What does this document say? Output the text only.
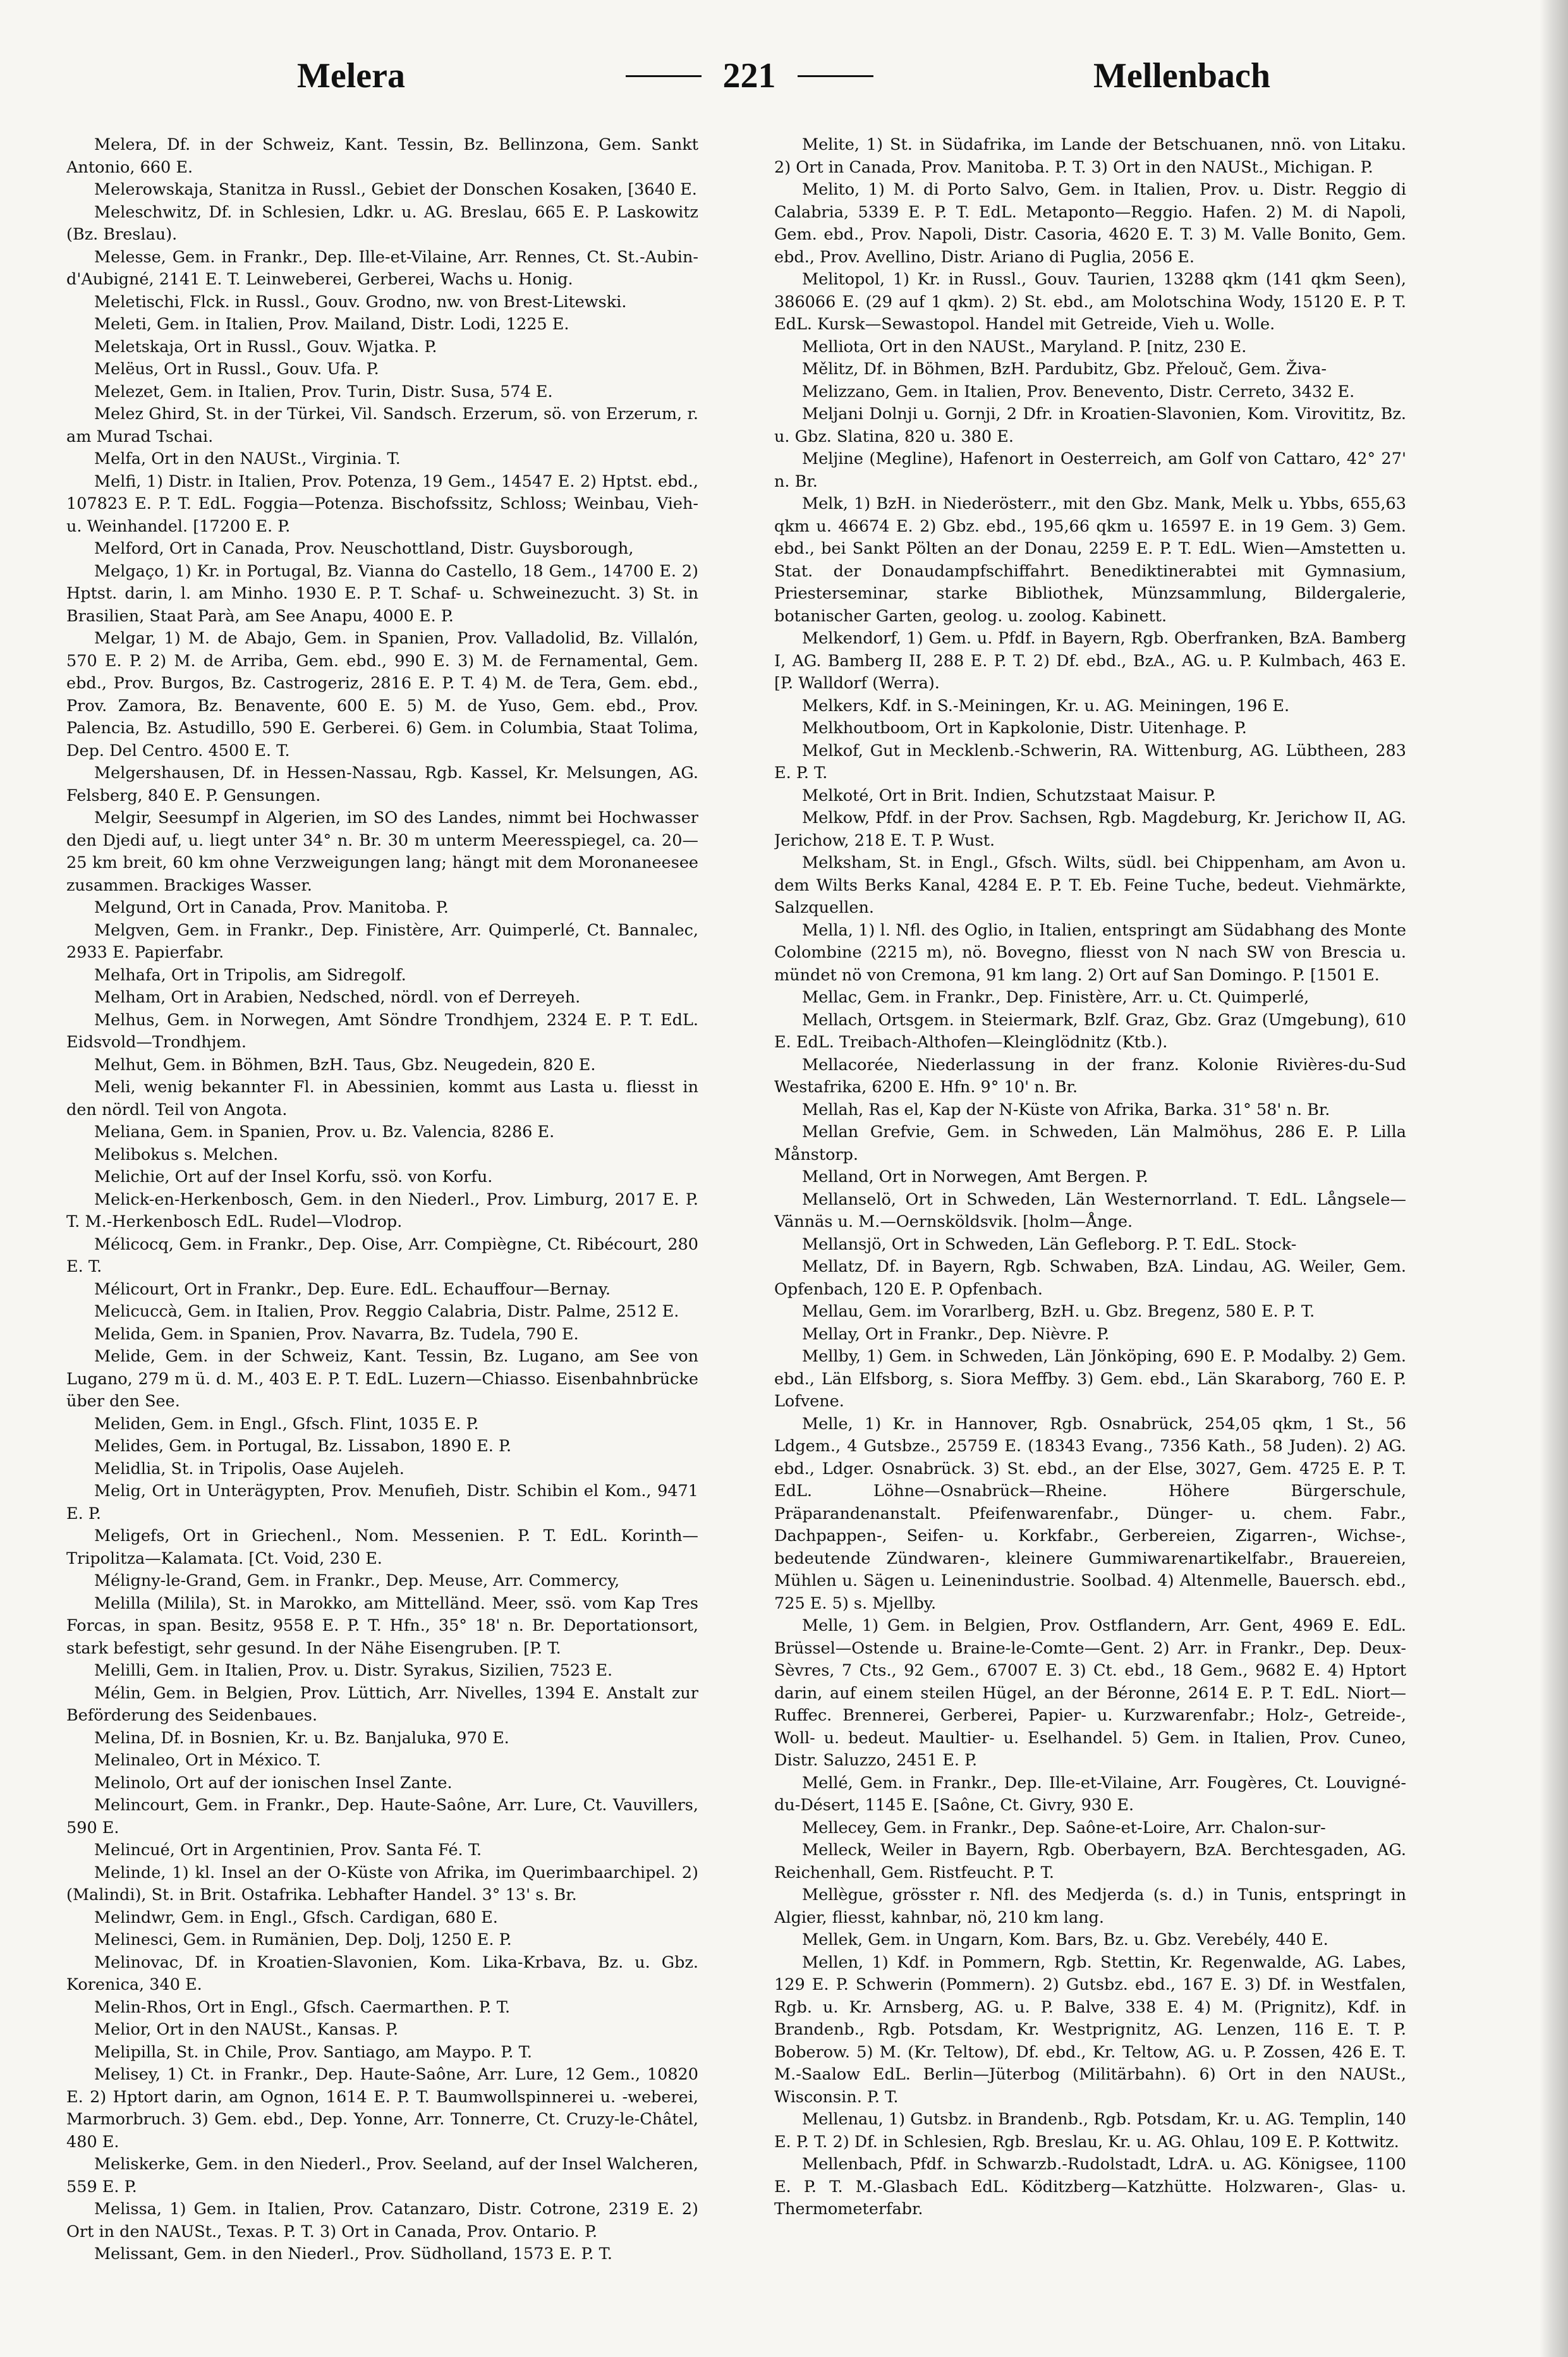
Melera	221	Mellenbach

Melera, Df. in der Schweiz, Kant. Tessin, Bz. Bellinzona, Gem. Sankt Antonio, 660 E.

Melerowskaja, Stanitza in Russl., Gebiet der Donschen Kosaken, [3640 E.

Meleschwitz, Df. in Schlesien, Ldkr. u. AG. Breslau, 665 E. P. Laskowitz (Bz. Breslau).

Melesse, Gem. in Frankr., Dep. Ille-et-Vilaine, Arr. Rennes, Ct. St.-Aubin-d'Aubigné, 2141 E. T. Leinweberei, Gerberei, Wachs u. Honig.

Meletischi, Flck. in Russl., Gouv. Grodno, nw. von Brest-Litewski.

Meleti, Gem. in Italien, Prov. Mailand, Distr. Lodi, 1225 E.

Meletskaja, Ort in Russl., Gouv. Wjatka. P.

Melëus, Ort in Russl., Gouv. Ufa. P.

Melezet, Gem. in Italien, Prov. Turin, Distr. Susa, 574 E.

Melez Ghird, St. in der Türkei, Vil. Sandsch. Erzerum, sö. von Erzerum, r. am Murad Tschai.

Melfa, Ort in den NAUSt., Virginia. T.

Melfi, 1) Distr. in Italien, Prov. Potenza, 19 Gem., 14547 E. 2) Hptst. ebd., 107823 E. P. T. EdL. Foggia—Potenza. Bischofssitz, Schloss; Weinbau, Vieh- u. Weinhandel. [17200 E. P.

Melford, Ort in Canada, Prov. Neuschottland, Distr. Guysborough,

Melgaço, 1) Kr. in Portugal, Bz. Vianna do Castello, 18 Gem., 14700 E. 2) Hptst. darin, l. am Minho. 1930 E. P. T. Schaf- u. Schweinezucht. 3) St. in Brasilien, Staat Parà, am See Anapu, 4000 E. P.

Melgar, 1) M. de Abajo, Gem. in Spanien, Prov. Valladolid, Bz. Villalón, 570 E. P. 2) M. de Arriba, Gem. ebd., 990 E. 3) M. de Fernamental, Gem. ebd., Prov. Burgos, Bz. Castrogeriz, 2816 E. P. T. 4) M. de Tera, Gem. ebd., Prov. Zamora, Bz. Benavente, 600 E. 5) M. de Yuso, Gem. ebd., Prov. Palencia, Bz. Astudillo, 590 E. Gerberei. 6) Gem. in Columbia, Staat Tolima, Dep. Del Centro. 4500 E. T.

Melgershausen, Df. in Hessen-Nassau, Rgb. Kassel, Kr. Melsungen, AG. Felsberg, 840 E. P. Gensungen.

Melgir, Seesumpf in Algerien, im SO des Landes, nimmt bei Hochwasser den Djedi auf, u. liegt unter 34° n. Br. 30 m unterm Meeresspiegel, ca. 20—25 km breit, 60 km ohne Verzweigungen lang; hängt mit dem Moronaneesee zusammen. Brackiges Wasser.

Melgund, Ort in Canada, Prov. Manitoba. P.

Melgven, Gem. in Frankr., Dep. Finistère, Arr. Quimperlé, Ct. Bannalec, 2933 E. Papierfabr.

Melhafa, Ort in Tripolis, am Sidregolf.

Melham, Ort in Arabien, Nedsched, nördl. von ef Derreyeh.

Melhus, Gem. in Norwegen, Amt Söndre Trondhjem, 2324 E. P. T. EdL. Eidsvold—Trondhjem.

Melhut, Gem. in Böhmen, BzH. Taus, Gbz. Neugedein, 820 E.

Meli, wenig bekannter Fl. in Abessinien, kommt aus Lasta u. fliesst in den nördl. Teil von Angota.

Meliana, Gem. in Spanien, Prov. u. Bz. Valencia, 8286 E.

Melibokus s. Melchen.

Melichie, Ort auf der Insel Korfu, ssö. von Korfu.

Melick-en-Herkenbosch, Gem. in den Niederl., Prov. Limburg, 2017 E. P. T. M.-Herkenbosch EdL. Rudel—Vlodrop.

Mélicocq, Gem. in Frankr., Dep. Oise, Arr. Compiègne, Ct. Ribécourt, 280 E. T.

Mélicourt, Ort in Frankr., Dep. Eure. EdL. Echauffour—Bernay.

Melicuccà, Gem. in Italien, Prov. Reggio Calabria, Distr. Palme, 2512 E.

Melida, Gem. in Spanien, Prov. Navarra, Bz. Tudela, 790 E.

Melide, Gem. in der Schweiz, Kant. Tessin, Bz. Lugano, am See von Lugano, 279 m ü. d. M., 403 E. P. T. EdL. Luzern—Chiasso. Eisenbahnbrücke über den See.

Meliden, Gem. in Engl., Gfsch. Flint, 1035 E. P.

Melides, Gem. in Portugal, Bz. Lissabon, 1890 E. P.

Melidlia, St. in Tripolis, Oase Aujeleh.

Melig, Ort in Unterägypten, Prov. Menufieh, Distr. Schibin el Kom., 9471 E. P.

Meligefs, Ort in Griechenl., Nom. Messenien. P. T. EdL. Korinth—Tripolitza—Kalamata. [Ct. Void, 230 E.

Méligny-le-Grand, Gem. in Frankr., Dep. Meuse, Arr. Commercy,

Melilla (Milila), St. in Marokko, am Mittelländ. Meer, ssö. vom Kap Tres Forcas, in span. Besitz, 9558 E. P. T. Hfn., 35° 18' n. Br. Deportationsort, stark befestigt, sehr gesund. In der Nähe Eisengruben. [P. T.

Melilli, Gem. in Italien, Prov. u. Distr. Syrakus, Sizilien, 7523 E.

Mélin, Gem. in Belgien, Prov. Lüttich, Arr. Nivelles, 1394 E. Anstalt zur Beförderung des Seidenbaues.

Melina, Df. in Bosnien, Kr. u. Bz. Banjaluka, 970 E.

Melinaleo, Ort in México. T.

Melinolo, Ort auf der ionischen Insel Zante.

Melincourt, Gem. in Frankr., Dep. Haute-Saône, Arr. Lure, Ct. Vauvillers, 590 E.

Melincué, Ort in Argentinien, Prov. Santa Fé. T.

Melinde, 1) kl. Insel an der O-Küste von Afrika, im Querimbaarchipel. 2) (Malindi), St. in Brit. Ostafrika. Lebhafter Handel. 3° 13' s. Br.

Melindwr, Gem. in Engl., Gfsch. Cardigan, 680 E.

Melinesci, Gem. in Rumänien, Dep. Dolj, 1250 E. P.

Melinovac, Df. in Kroatien-Slavonien, Kom. Lika-Krbava, Bz. u. Gbz. Korenica, 340 E.

Melin-Rhos, Ort in Engl., Gfsch. Caermarthen. P. T.

Melior, Ort in den NAUSt., Kansas. P.

Melipilla, St. in Chile, Prov. Santiago, am Maypo. P. T.

Melisey, 1) Ct. in Frankr., Dep. Haute-Saône, Arr. Lure, 12 Gem., 10820 E. 2) Hptort darin, am Ognon, 1614 E. P. T. Baumwollspinnerei u. -weberei, Marmorbruch. 3) Gem. ebd., Dep. Yonne, Arr. Tonnerre, Ct. Cruzy-le-Châtel, 480 E.

Meliskerke, Gem. in den Niederl., Prov. Seeland, auf der Insel Walcheren, 559 E. P.

Melissa, 1) Gem. in Italien, Prov. Catanzaro, Distr. Cotrone, 2319 E. 2) Ort in den NAUSt., Texas. P. T. 3) Ort in Canada, Prov. Ontario. P.

Melissant, Gem. in den Niederl., Prov. Südholland, 1573 E. P. T.

Melite, 1) St. in Südafrika, im Lande der Betschuanen, nnö. von Litaku. 2) Ort in Canada, Prov. Manitoba. P. T. 3) Ort in den NAUSt., Michigan. P.

Melito, 1) M. di Porto Salvo, Gem. in Italien, Prov. u. Distr. Reggio di Calabria, 5339 E. P. T. EdL. Metaponto—Reggio. Hafen. 2) M. di Napoli, Gem. ebd., Prov. Napoli, Distr. Casoria, 4620 E. T. 3) M. Valle Bonito, Gem. ebd., Prov. Avellino, Distr. Ariano di Puglia, 2056 E.

Melitopol, 1) Kr. in Russl., Gouv. Taurien, 13288 qkm (141 qkm Seen), 386066 E. (29 auf 1 qkm). 2) St. ebd., am Molotschina Wody, 15120 E. P. T. EdL. Kursk—Sewastopol. Handel mit Getreide, Vieh u. Wolle.

Melliota, Ort in den NAUSt., Maryland. P. [nitz, 230 E.

Mělitz, Df. in Böhmen, BzH. Pardubitz, Gbz. Přelouč, Gem. Živa-

Melizzano, Gem. in Italien, Prov. Benevento, Distr. Cerreto, 3432 E.

Meljani Dolnji u. Gornji, 2 Dfr. in Kroatien-Slavonien, Kom. Virovititz, Bz. u. Gbz. Slatina, 820 u. 380 E.

Meljine (Megline), Hafenort in Oesterreich, am Golf von Cattaro, 42° 27' n. Br.

Melk, 1) BzH. in Niederösterr., mit den Gbz. Mank, Melk u. Ybbs, 655,63 qkm u. 46674 E. 2) Gbz. ebd., 195,66 qkm u. 16597 E. in 19 Gem. 3) Gem. ebd., bei Sankt Pölten an der Donau, 2259 E. P. T. EdL. Wien—Amstetten u. Stat. der Donaudampfschiffahrt. Benediktinerabtei mit Gymnasium, Priesterseminar, starke Bibliothek, Münzsammlung, Bildergalerie, botanischer Garten, geolog. u. zoolog. Kabinett.

Melkendorf, 1) Gem. u. Pfdf. in Bayern, Rgb. Oberfranken, BzA. Bamberg I, AG. Bamberg II, 288 E. P. T. 2) Df. ebd., BzA., AG. u. P. Kulmbach, 463 E. [P. Walldorf (Werra).

Melkers, Kdf. in S.-Meiningen, Kr. u. AG. Meiningen, 196 E.

Melkhoutboom, Ort in Kapkolonie, Distr. Uitenhage. P.

Melkof, Gut in Mecklenb.-Schwerin, RA. Wittenburg, AG. Lübtheen, 283 E. P. T.

Melkoté, Ort in Brit. Indien, Schutzstaat Maisur. P.

Melkow, Pfdf. in der Prov. Sachsen, Rgb. Magdeburg, Kr. Jerichow II, AG. Jerichow, 218 E. T. P. Wust.

Melksham, St. in Engl., Gfsch. Wilts, südl. bei Chippenham, am Avon u. dem Wilts Berks Kanal, 4284 E. P. T. Eb. Feine Tuche, bedeut. Viehmärkte, Salzquellen.

Mella, 1) l. Nfl. des Oglio, in Italien, entspringt am Südabhang des Monte Colombine (2215 m), nö. Bovegno, fliesst von N nach SW von Brescia u. mündet nö von Cremona, 91 km lang. 2) Ort auf San Domingo. P. [1501 E.

Mellac, Gem. in Frankr., Dep. Finistère, Arr. u. Ct. Quimperlé,

Mellach, Ortsgem. in Steiermark, Bzlf. Graz, Gbz. Graz (Umgebung), 610 E. EdL. Treibach-Althofen—Kleinglödnitz (Ktb.).

Mellacorée, Niederlassung in der franz. Kolonie Rivières-du-Sud Westafrika, 6200 E. Hfn. 9° 10' n. Br.

Mellah, Ras el, Kap der N-Küste von Afrika, Barka. 31° 58' n. Br.

Mellan Grefvie, Gem. in Schweden, Län Malmöhus, 286 E. P. Lilla Månstorp.

Melland, Ort in Norwegen, Amt Bergen. P.

Mellanselö, Ort in Schweden, Län Westernorrland. T. EdL. Långsele—Vännäs u. M.—Oernsköldsvik. [holm—Ånge.

Mellansjö, Ort in Schweden, Län Gefleborg. P. T. EdL. Stock-

Mellatz, Df. in Bayern, Rgb. Schwaben, BzA. Lindau, AG. Weiler, Gem. Opfenbach, 120 E. P. Opfenbach.

Mellau, Gem. im Vorarlberg, BzH. u. Gbz. Bregenz, 580 E. P. T.

Mellay, Ort in Frankr., Dep. Nièvre. P.

Mellby, 1) Gem. in Schweden, Län Jönköping, 690 E. P. Modalby. 2) Gem. ebd., Län Elfsborg, s. Siora Meffby. 3) Gem. ebd., Län Skaraborg, 760 E. P. Lofvene.

Melle, 1) Kr. in Hannover, Rgb. Osnabrück, 254,05 qkm, 1 St., 56 Ldgem., 4 Gutsbze., 25759 E. (18343 Evang., 7356 Kath., 58 Juden). 2) AG. ebd., Ldger. Osnabrück. 3) St. ebd., an der Else, 3027, Gem. 4725 E. P. T. EdL. Löhne—Osnabrück—Rheine. Höhere Bürgerschule, Präparandenanstalt. Pfeifenwarenfabr., Dünger- u. chem. Fabr., Dachpappen-, Seifen- u. Korkfabr., Gerbereien, Zigarren-, Wichse-, bedeutende Zündwaren-, kleinere Gummiwarenartikelfabr., Brauereien, Mühlen u. Sägen u. Leinenindustrie. Soolbad. 4) Altenmelle, Bauersch. ebd., 725 E. 5) s. Mjellby.

Melle, 1) Gem. in Belgien, Prov. Ostflandern, Arr. Gent, 4969 E. EdL. Brüssel—Ostende u. Braine-le-Comte—Gent. 2) Arr. in Frankr., Dep. Deux-Sèvres, 7 Cts., 92 Gem., 67007 E. 3) Ct. ebd., 18 Gem., 9682 E. 4) Hptort darin, auf einem steilen Hügel, an der Béronne, 2614 E. P. T. EdL. Niort—Ruffec. Brennerei, Gerberei, Papier- u. Kurzwarenfabr.; Holz-, Getreide-, Woll- u. bedeut. Maultier- u. Eselhandel. 5) Gem. in Italien, Prov. Cuneo, Distr. Saluzzo, 2451 E. P.

Mellé, Gem. in Frankr., Dep. Ille-et-Vilaine, Arr. Fougères, Ct. Louvigné-du-Désert, 1145 E. [Saône, Ct. Givry, 930 E.

Mellecey, Gem. in Frankr., Dep. Saône-et-Loire, Arr. Chalon-sur-

Melleck, Weiler in Bayern, Rgb. Oberbayern, BzA. Berchtesgaden, AG. Reichenhall, Gem. Ristfeucht. P. T.

Mellègue, grösster r. Nfl. des Medjerda (s. d.) in Tunis, entspringt in Algier, fliesst, kahnbar, nö, 210 km lang.

Mellek, Gem. in Ungarn, Kom. Bars, Bz. u. Gbz. Verebély, 440 E.

Mellen, 1) Kdf. in Pommern, Rgb. Stettin, Kr. Regenwalde, AG. Labes, 129 E. P. Schwerin (Pommern). 2) Gutsbz. ebd., 167 E. 3) Df. in Westfalen, Rgb. u. Kr. Arnsberg, AG. u. P. Balve, 338 E. 4) M. (Prignitz), Kdf. in Brandenb., Rgb. Potsdam, Kr. Westprignitz, AG. Lenzen, 116 E. T. P. Boberow. 5) M. (Kr. Teltow), Df. ebd., Kr. Teltow, AG. u. P. Zossen, 426 E. T. M.-Saalow EdL. Berlin—Jüterbog (Militärbahn). 6) Ort in den NAUSt., Wisconsin. P. T.

Mellenau, 1) Gutsbz. in Brandenb., Rgb. Potsdam, Kr. u. AG. Templin, 140 E. P. T. 2) Df. in Schlesien, Rgb. Breslau, Kr. u. AG. Ohlau, 109 E. P. Kottwitz.

Mellenbach, Pfdf. in Schwarzb.-Rudolstadt, LdrA. u. AG. Königsee, 1100 E. P. T. M.-Glasbach EdL. Köditzberg—Katzhütte. Holzwaren-, Glas- u. Thermometerfabr.
